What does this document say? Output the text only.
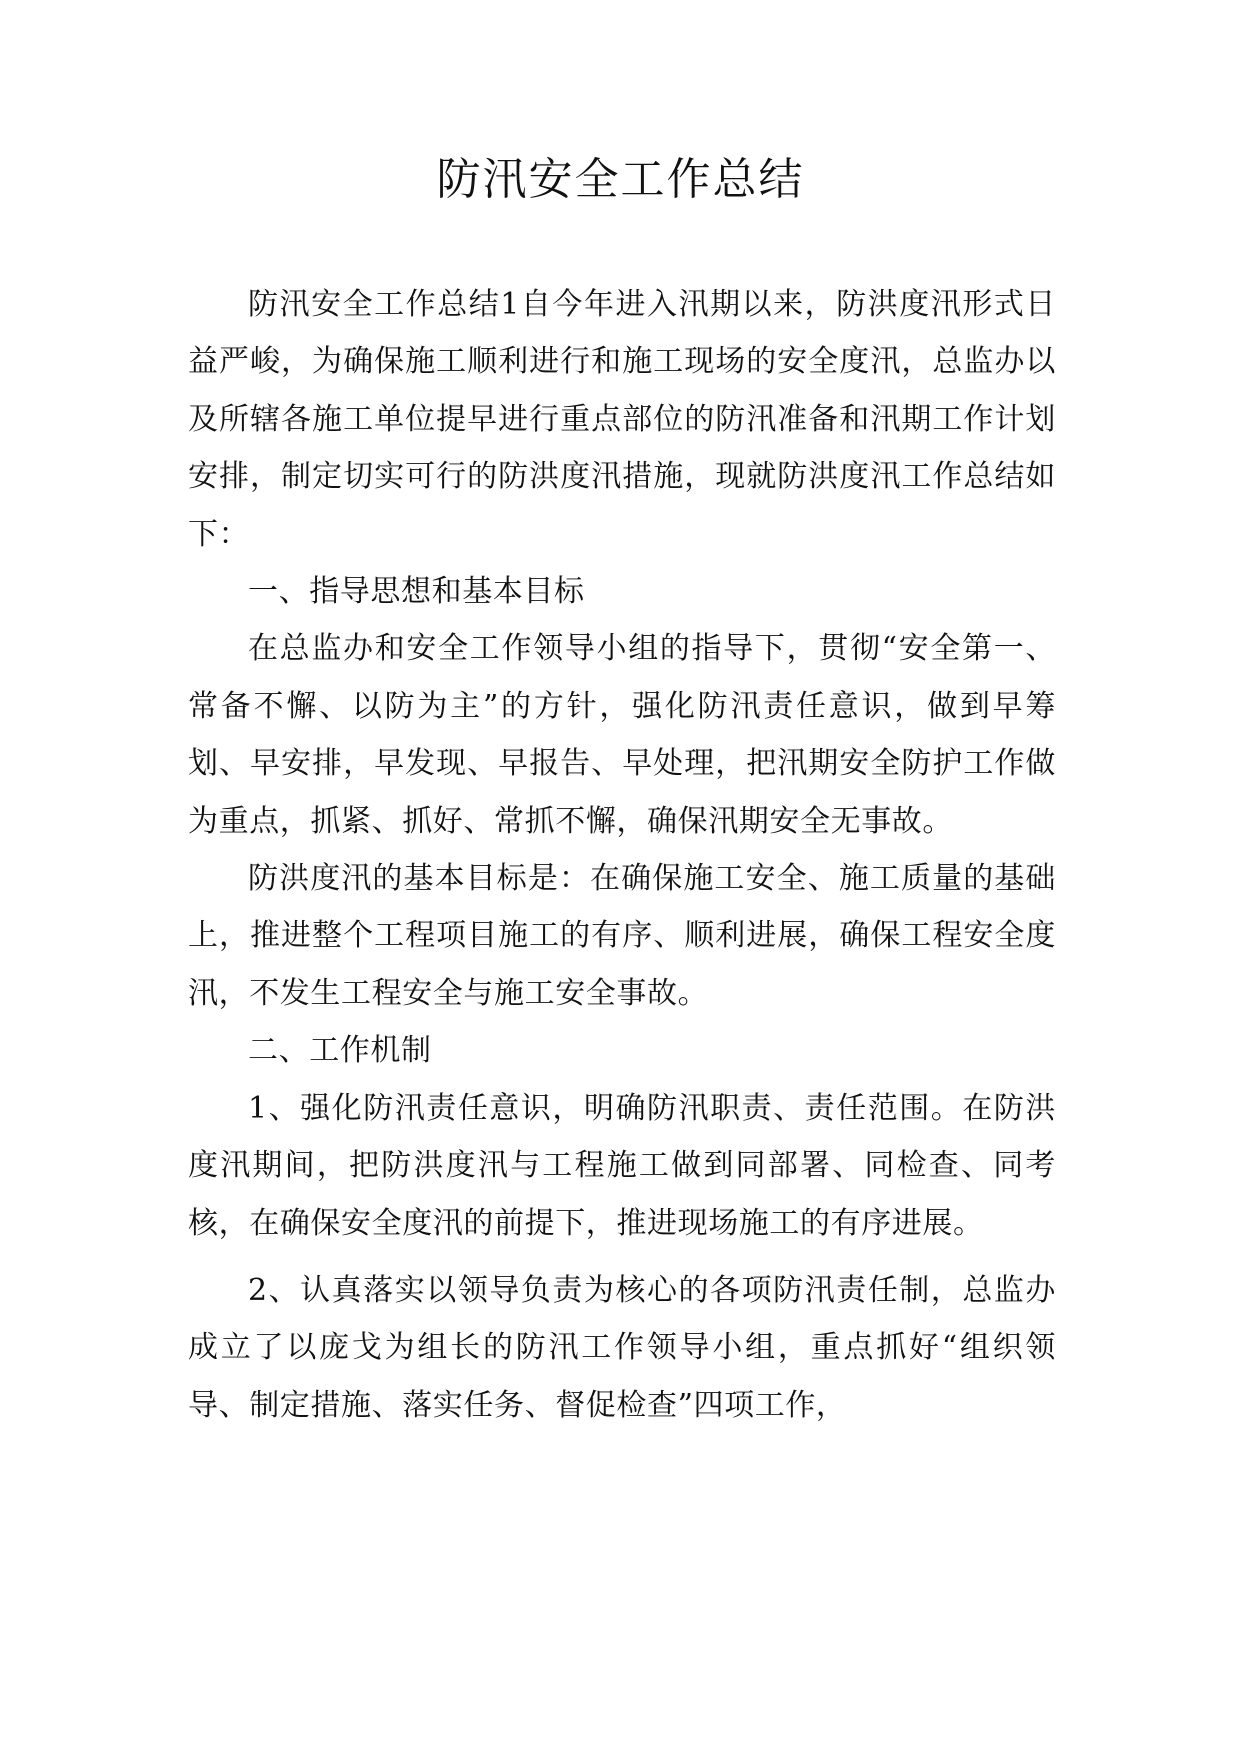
防汛安全工作总结

防汛安全工作总结1自今年进入汛期以来，防洪度汛形式日益严峻，为确保施工顺利进行和施工现场的安全度汛，总监办以及所辖各施工单位提早进行重点部位的防汛准备和汛期工作计划安排，制定切实可行的防洪度汛措施，现就防洪度汛工作总结如下：

一、指导思想和基本目标

在总监办和安全工作领导小组的指导下，贯彻“安全第一、常备不懈、以防为主”的方针，强化防汛责任意识，做到早筹划、早安排，早发现、早报告、早处理，把汛期安全防护工作做为重点，抓紧、抓好、常抓不懈，确保汛期安全无事故。

防洪度汛的基本目标是：在确保施工安全、施工质量的基础上，推进整个工程项目施工的有序、顺利进展，确保工程安全度汛，不发生工程安全与施工安全事故。

二、工作机制

1、强化防汛责任意识，明确防汛职责、责任范围。在防洪度汛期间，把防洪度汛与工程施工做到同部署、同检查、同考核，在确保安全度汛的前提下，推进现场施工的有序进展。

2、认真落实以领导负责为核心的各项防汛责任制，总监办成立了以庞戈为组长的防汛工作领导小组，重点抓好“组织领导、制定措施、落实任务、督促检查”四项工作，
